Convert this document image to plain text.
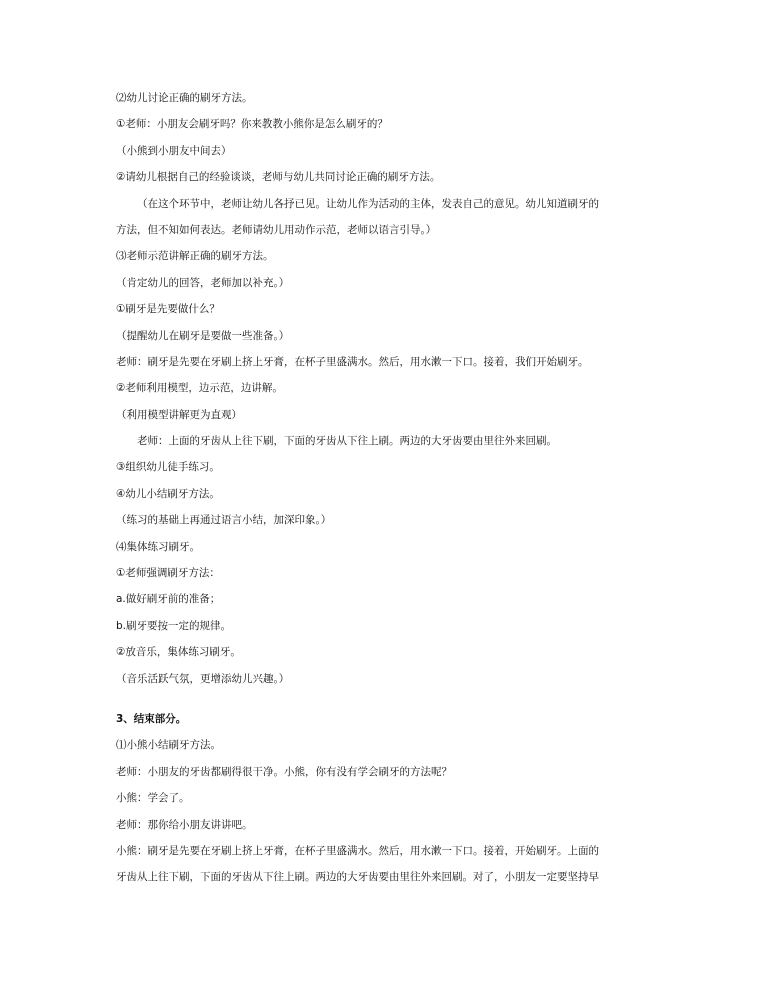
⑵幼儿讨论正确的刷牙方法。
①老师：小朋友会刷牙吗？你来教教小熊你是怎么刷牙的？
（小熊到小朋友中间去）
②请幼儿根据自己的经验谈谈，老师与幼儿共同讨论正确的刷牙方法。
（在这个环节中，老师让幼儿各抒已见。让幼儿作为活动的主体，发表自己的意见。幼儿知道刷牙的
方法，但不知如何表达。老师请幼儿用动作示范，老师以语言引导。）
⑶老师示范讲解正确的刷牙方法。
（肯定幼儿的回答，老师加以补充。）
①刷牙是先要做什么？
（提醒幼儿在刷牙是要做一些准备。）
老师：刷牙是先要在牙刷上挤上牙膏，在杯子里盛满水。然后，用水漱一下口。接着，我们开始刷牙。
②老师利用模型，边示范，边讲解。
（利用模型讲解更为直观）
老师：上面的牙齿从上往下刷，下面的牙齿从下往上刷。两边的大牙齿要由里往外来回刷。
③组织幼儿徒手练习。
④幼儿小结刷牙方法。
（练习的基础上再通过语言小结，加深印象。）
⑷集体练习刷牙。
①老师强调刷牙方法：
a.做好刷牙前的准备；
b.刷牙要按一定的规律。
②放音乐，集体练习刷牙。
（音乐活跃气氛，更增添幼儿兴趣。）
3、结束部分。
⑴小熊小结刷牙方法。
老师：小朋友的牙齿都刷得很干净。小熊，你有没有学会刷牙的方法呢？
小熊：学会了。
老师：那你给小朋友讲讲吧。
小熊：刷牙是先要在牙刷上挤上牙膏，在杯子里盛满水。然后，用水漱一下口。接着，开始刷牙。上面的
牙齿从上往下刷，下面的牙齿从下往上刷。两边的大牙齿要由里往外来回刷。对了，小朋友一定要坚持早
